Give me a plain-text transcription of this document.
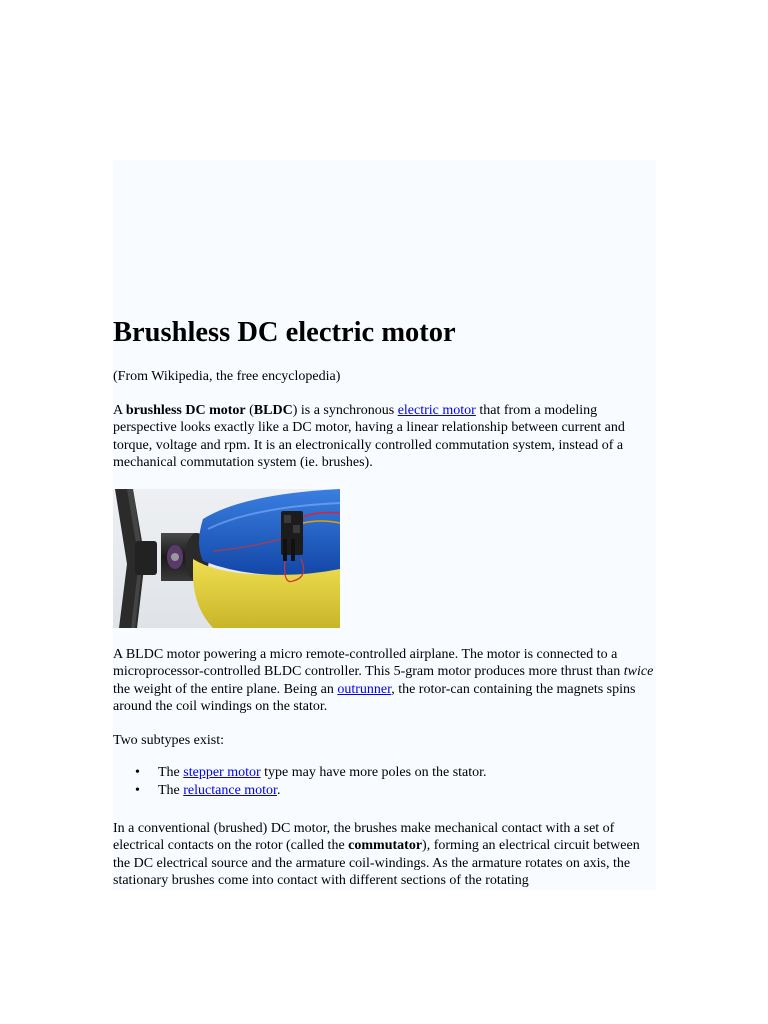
Brushless DC electric motor

(From Wikipedia, the free encyclopedia)

A brushless DC motor (BLDC) is a synchronous electric motor that from a modeling perspective looks exactly like a DC motor, having a linear relationship between current and torque, voltage and rpm. It is an electronically controlled commutation system, instead of a mechanical commutation system (ie. brushes).

A BLDC motor powering a micro remote-controlled airplane. The motor is connected to a microprocessor-controlled BLDC controller. This 5-gram motor produces more thrust than twice the weight of the entire plane. Being an outrunner, the rotor-can containing the magnets spins around the coil windings on the stator.

Two subtypes exist:

• The stepper motor type may have more poles on the stator.
• The reluctance motor.

In a conventional (brushed) DC motor, the brushes make mechanical contact with a set of electrical contacts on the rotor (called the commutator), forming an electrical circuit between the DC electrical source and the armature coil-windings. As the armature rotates on axis, the stationary brushes come into contact with different sections of the rotating
